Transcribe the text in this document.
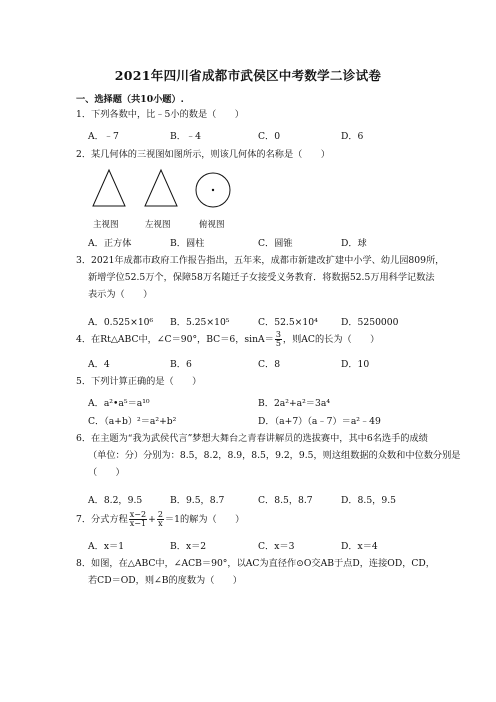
2021年四川省成都市武侯区中考数学二诊试卷
一、选择题（共10小题）.
1．下列各数中，比﹣5小的数是（　　）
A．﹣7	B．﹣4	C．0	D．6
2．某几何体的三视图如图所示，则该几何体的名称是（　　）
主视图	左视图	俯视图
A．正方体	B．圆柱	C．圆锥	D．球
3．2021年成都市政府工作报告指出，五年来，成都市新建改扩建中小学、幼儿园809所，
新增学位52.5万个，保障58万名随迁子女接受义务教育．将数据52.5万用科学记数法
表示为（　　）
A．0.525×10⁶ B．5.25×10⁵	C．52.5×10⁴	D．5250000
4．在Rt△ABC中，∠C＝90°，BC＝6，$\sin A= \frac{3}{5}$ ，则AC的长为（　　）
A．4	B．6	C．8	D．10
5．下列计算正确的是（　　）
A．a²•a⁵＝a¹⁰	B．2a²+a²＝3a⁴
C．（a+b）²＝a²+b²	D．（a+7）（a﹣7）＝a²﹣49
6．在主题为“我为武侯代言”梦想大舞台之青春讲解员的选拔赛中，其中6名选手的成绩
（单位：分）分别为：8.5，8.2，8.9，8.5，9.2，9.5，则这组数据的众数和中位数分别是
（　　）
A．8.2，9.5	B．9.5，8.7	C．8.5，8.7	D．8.5，9.5
7．分式方程 $\frac{x-2}{x-1} + \frac{2}{x} =1$的解为（　　）
A．x＝1	B．x＝2	C．x＝3	D．x＝4
8．如图，在△ABC中，∠ACB＝90°，以AC为直径作⊙O交AB于点D，连接OD，CD，
若CD＝OD，则∠B的度数为（　　）
